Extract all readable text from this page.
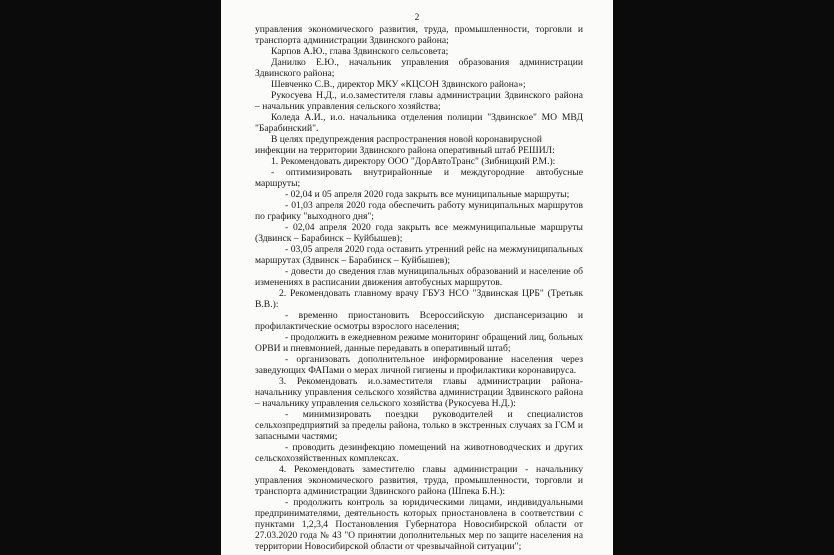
2
управления экономического развития, труда, промышленности, торговли и
транспорта администрации Здвинского района;
Карпов А.Ю., глава Здвинского сельсовета;
Данилко Е.Ю., начальник управления образования администрации
Здвинского района;
Шевченко С.В., директор МКУ «КЦСОН Здвинского района»;
Рукосуева Н.Д., и.о.заместителя главы администрации Здвинского района
– начальник управления сельского хозяйства;
Коледа А.И., и.о. начальника отделения полиции "Здвинское" МО МВД
"Барабинский".
В целях предупреждения распространения новой коронавирусной
инфекции на территории Здвинского района оперативный штаб РЕШИЛ:
1. Рекомендовать директору ООО "ДорАвтоТранс" (Зибницкий Р.М.):
- оптимизировать внутрирайонные и междугородние автобусные
маршруты;
- 02,04 и 05 апреля 2020 года закрыть все муниципальные маршруты;
- 01,03 апреля 2020 года обеспечить работу муниципальных маршрутов
по графику "выходного дня";
- 02,04 апреля 2020 года закрыть все межмуниципальные маршруты
(Здвинск – Барабинск – Куйбышев);
- 03,05 апреля 2020 года оставить утренний рейс на межмуниципальных
маршрутах (Здвинск – Барабинск – Куйбышев);
- довести до сведения глав муниципальных образований и население об
изменениях в расписании движения автобусных маршрутов.
2. Рекомендовать главному врачу ГБУЗ НСО "Здвинская ЦРБ" (Третьяк
В.В.):
- временно приостановить Всероссийскую диспансеризацию и
профилактические осмотры взрослого населения;
- продолжить в ежедневном режиме мониторинг обращений лиц, больных
ОРВИ и пневмонией, данные передавать в оперативный штаб;
- организовать дополнительное информирование населения через
заведующих ФАПами о мерах личной гигиены и профилактики коронавируса.
3. Рекомендовать и.о.заместителя главы администрации района-
начальнику управления сельского хозяйства администрации Здвинского района
– начальнику управления сельского хозяйства (Рукосуева Н.Д.):
- минимизировать поездки руководителей и специалистов
сельхозпредприятий за пределы района, только в экстренных случаях за ГСМ и
запасными частями;
- проводить дезинфекцию помещений на животноводческих и других
сельскохозяйственных комплексах.
4. Рекомендовать заместителю главы администрации - начальнику
управления экономического развития, труда, промышленности, торговли и
транспорта администрации Здвинского района (Шпека Б.Н.):
- продолжить контроль за юридическими лицами, индивидуальными
предпринимателями, деятельность которых приостановлена в соответствии с
пунктами 1,2,3,4 Постановления Губернатора Новосибирской области от
27.03.2020 года № 43 "О принятии дополнительных мер по защите населения на
территории Новосибирской области от чрезвычайной ситуации";
